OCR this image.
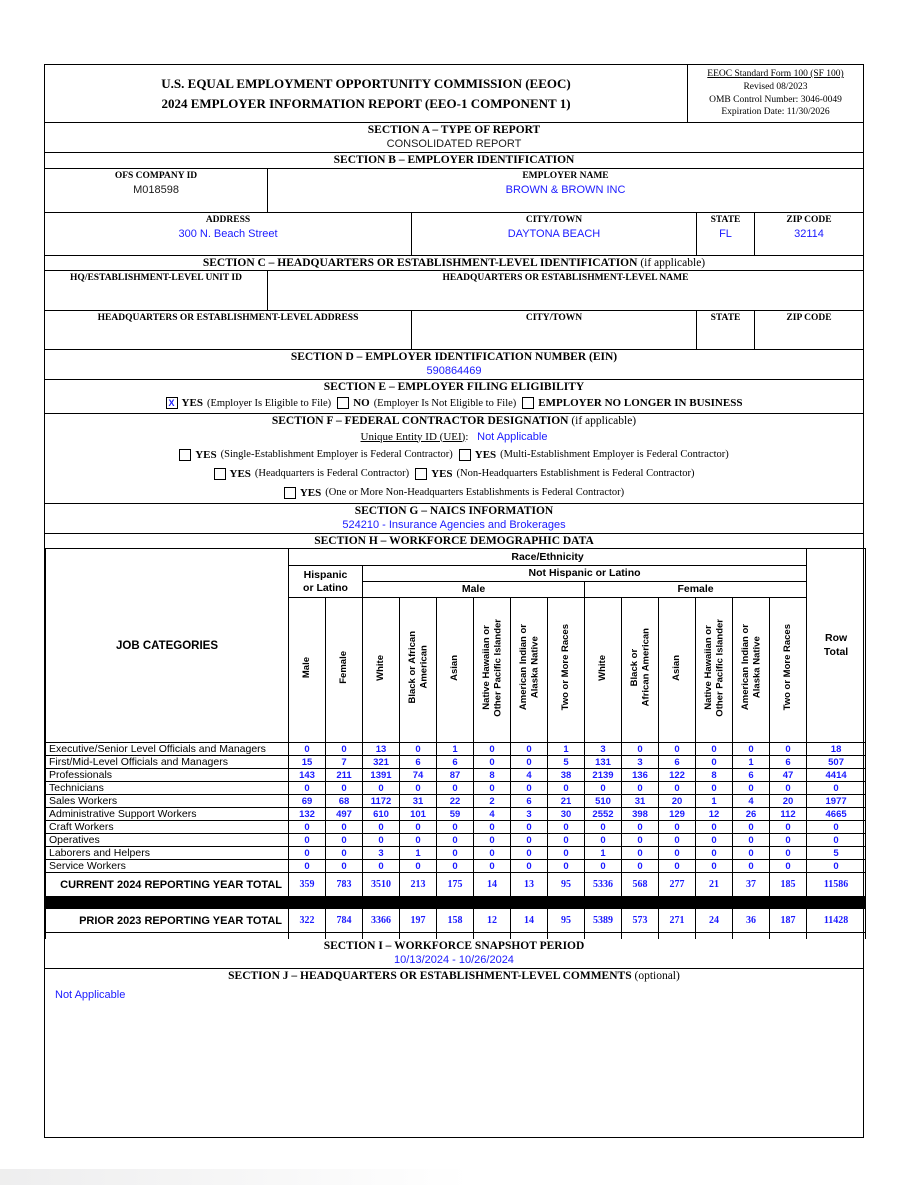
U.S. EQUAL EMPLOYMENT OPPORTUNITY COMMISSION (EEOC)
2024 EMPLOYER INFORMATION REPORT (EEO-1 COMPONENT 1)
EEOC Standard Form 100 (SF 100)
Revised 08/2023
OMB Control Number: 3046-0049
Expiration Date: 11/30/2026
SECTION A – TYPE OF REPORT
CONSOLIDATED REPORT
SECTION B – EMPLOYER IDENTIFICATION
OFS COMPANY ID
M018598
EMPLOYER NAME
BROWN & BROWN INC
ADDRESS
300 N. Beach Street
CITY/TOWN
DAYTONA BEACH
STATE
FL
ZIP CODE
32114
SECTION C – HEADQUARTERS OR ESTABLISHMENT-LEVEL IDENTIFICATION (if applicable)
HQ/ESTABLISHMENT-LEVEL UNIT ID	HEADQUARTERS OR ESTABLISHMENT-LEVEL NAME
HEADQUARTERS OR ESTABLISHMENT-LEVEL ADDRESS	CITY/TOWN	STATE	ZIP CODE
SECTION D – EMPLOYER IDENTIFICATION NUMBER (EIN)
590864469
SECTION E – EMPLOYER FILING ELIGIBILITY
X YES (Employer Is Eligible to File) NO (Employer Is Not Eligible to File) EMPLOYER NO LONGER IN BUSINESS
SECTION F – FEDERAL CONTRACTOR DESIGNATION (if applicable)
Unique Entity ID (UEI): Not Applicable
YES (Single-Establishment Employer is Federal Contractor) YES (Multi-Establishment Employer is Federal Contractor)
YES (Headquarters is Federal Contractor) YES (Non-Headquarters Establishment is Federal Contractor)
YES (One or More Non-Headquarters Establishments is Federal Contractor)
SECTION G – NAICS INFORMATION
524210 - Insurance Agencies and Brokerages
SECTION H – WORKFORCE DEMOGRAPHIC DATA
JOB CATEGORIES	Race/Ethnicity														Row
Total
	Hispanic
or Latino		Not Hispanic or Latino												
			Male						Female						
	Male	Female	White	Black or African
American	Asian	Native Hawaiian or
Other Pacific Islander	American Indian or
Alaska Native	Two or More Races	White	Black or
African American	Asian	Native Hawaiian or
Other Pacific Islander	American Indian or
Alaska Native	Two or More Races	
Executive/Senior Level Officials and Managers	0	0	13	0	1	0	0	1	3	0	0	0	0	0	18
First/Mid-Level Officials and Managers	15	7	321	6	6	0	0	5	131	3	6	0	1	6	507
Professionals	143	211	1391	74	87	8	4	38	2139	136	122	8	6	47	4414
Technicians	0	0	0	0	0	0	0	0	0	0	0	0	0	0	0
Sales Workers	69	68	1172	31	22	2	6	21	510	31	20	1	4	20	1977
Administrative Support Workers	132	497	610	101	59	4	3	30	2552	398	129	12	26	112	4665
Craft Workers	0	0	0	0	0	0	0	0	0	0	0	0	0	0	0
Operatives	0	0	0	0	0	0	0	0	0	0	0	0	0	0	0
Laborers and Helpers	0	0	3	1	0	0	0	0	1	0	0	0	0	0	5
Service Workers	0	0	0	0	0	0	0	0	0	0	0	0	0	0	0
CURRENT 2024 REPORTING YEAR TOTAL	359	783	3510	213	175	14	13	95	5336	568	277	21	37	185	11586

PRIOR 2023 REPORTING YEAR TOTAL	322	784	3366	197	158	12	14	95	5389	573	271	24	36	187	11428

SECTION I – WORKFORCE SNAPSHOT PERIOD
10/13/2024 - 10/26/2024
SECTION J – HEADQUARTERS OR ESTABLISHMENT-LEVEL COMMENTS (optional)
Not Applicable
